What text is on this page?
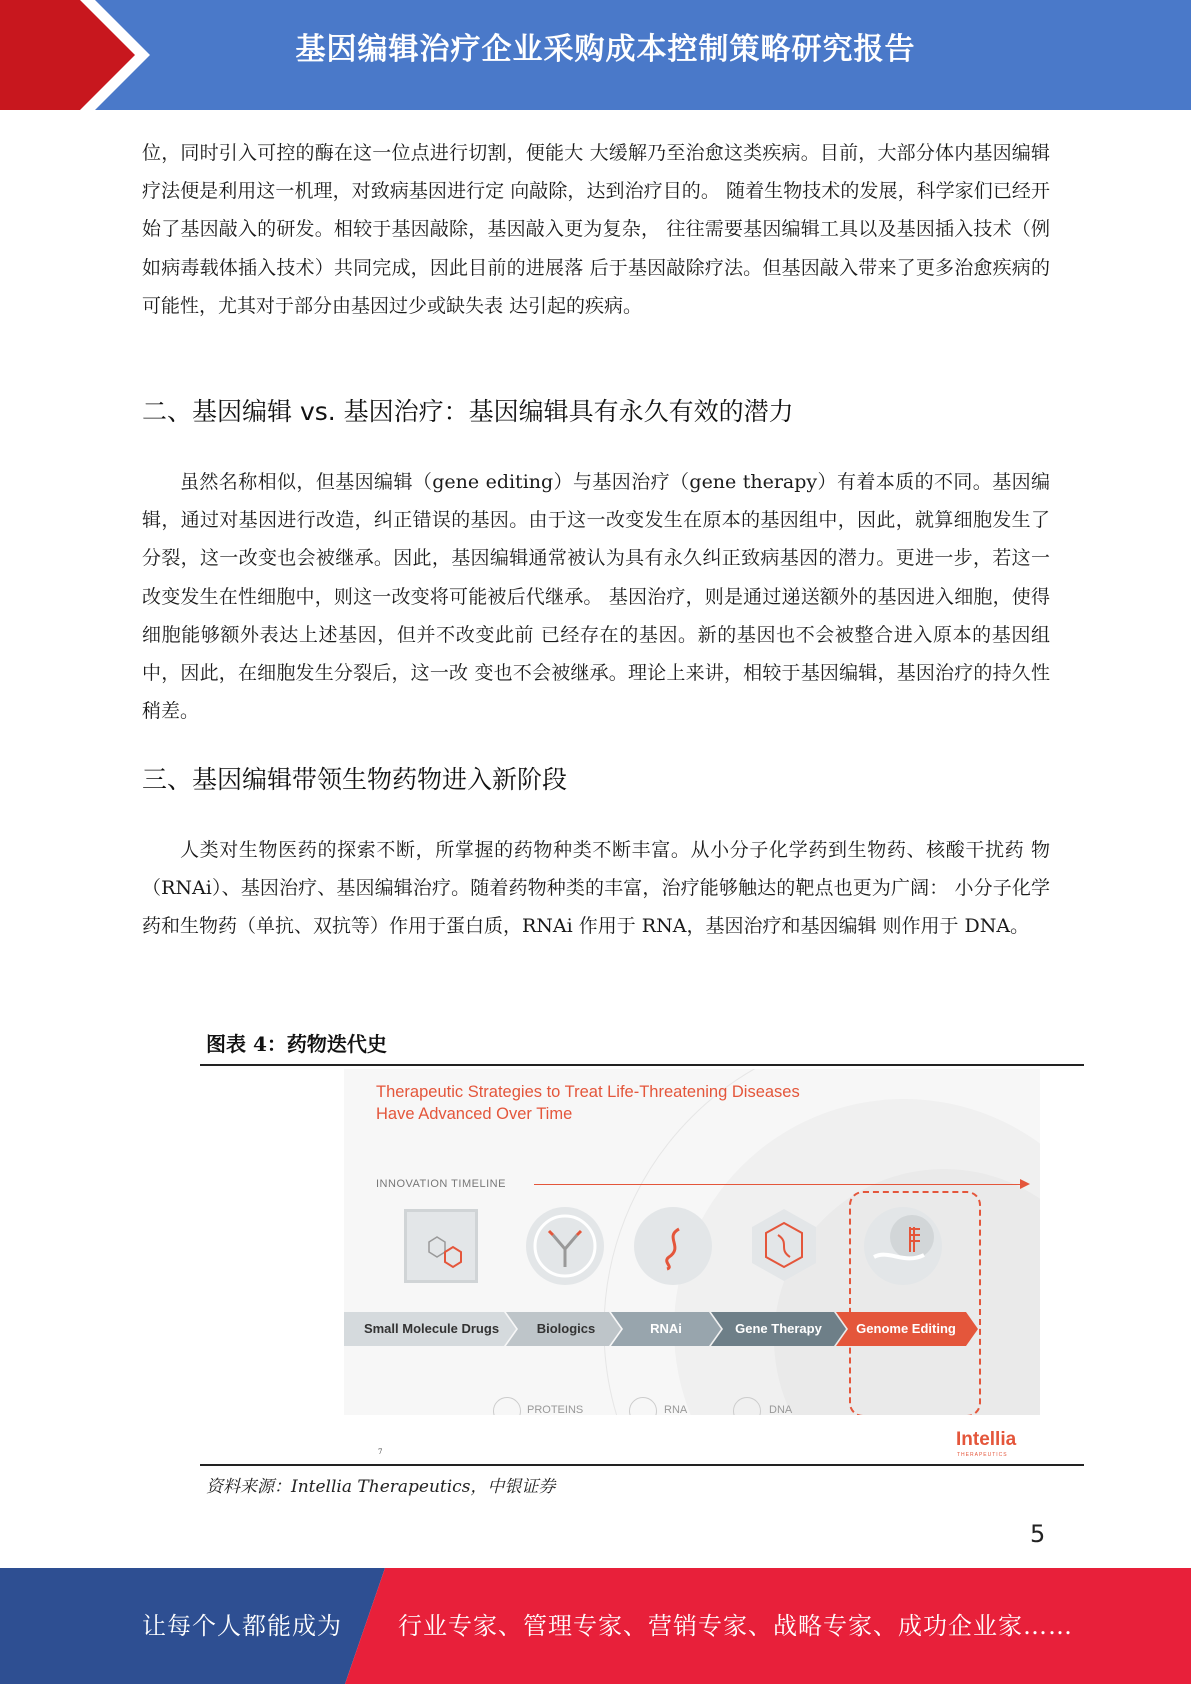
基因编辑治疗企业采购成本控制策略研究报告

位，同时引入可控的酶在这一位点进行切割，便能大 大缓解乃至治愈这类疾病。目前，大部分体内基因编辑疗法便是利用这一机理，对致病基因进行定 向敲除，达到治疗目的。 随着生物技术的发展，科学家们已经开始了基因敲入的研发。相较于基因敲除，基因敲入更为复杂， 往往需要基因编辑工具以及基因插入技术（例如病毒载体插入技术）共同完成，因此目前的进展落 后于基因敲除疗法。但基因敲入带来了更多治愈疾病的可能性，尤其对于部分由基因过少或缺失表 达引起的疾病。

二、基因编辑 vs. 基因治疗：基因编辑具有永久有效的潜力

虽然名称相似，但基因编辑（gene editing）与基因治疗（gene therapy）有着本质的不同。基因编辑，通过对基因进行改造，纠正错误的基因。由于这一改变发生在原本的基因组中，因此，就算细胞发生了分裂，这一改变也会被继承。因此，基因编辑通常被认为具有永久纠正致病基因的潜力。更进一步，若这一改变发生在性细胞中，则这一改变将可能被后代继承。 基因治疗，则是通过递送额外的基因进入细胞，使得细胞能够额外表达上述基因，但并不改变此前 已经存在的基因。新的基因也不会被整合进入原本的基因组中，因此，在细胞发生分裂后，这一改 变也不会被继承。理论上来讲，相较于基因编辑，基因治疗的持久性稍差。

三、基因编辑带领生物药物进入新阶段

人类对生物医药的探索不断，所掌握的药物种类不断丰富。从小分子化学药到生物药、核酸干扰药 物（RNAi）、基因治疗、基因编辑治疗。随着药物种类的丰富，治疗能够触达的靶点也更为广阔： 小分子化学药和生物药（单抗、双抗等）作用于蛋白质，RNAi 作用于 RNA，基因治疗和基因编辑 则作用于 DNA。

图表 4：药物迭代史
Therapeutic Strategies to Treat Life-Threatening Diseases
Have Advanced Over Time
INNOVATION TIMELINE
Small Molecule Drugs	Biologics	RNAi	Gene Therapy	Genome Editing
PROTEINS	RNA	DNA
7
Intellia
THERAPEUTICS
资料来源：Intellia Therapeutics，中银证券
5
让每个人都能成为 行业专家、管理专家、营销专家、战略专家、成功企业家……
